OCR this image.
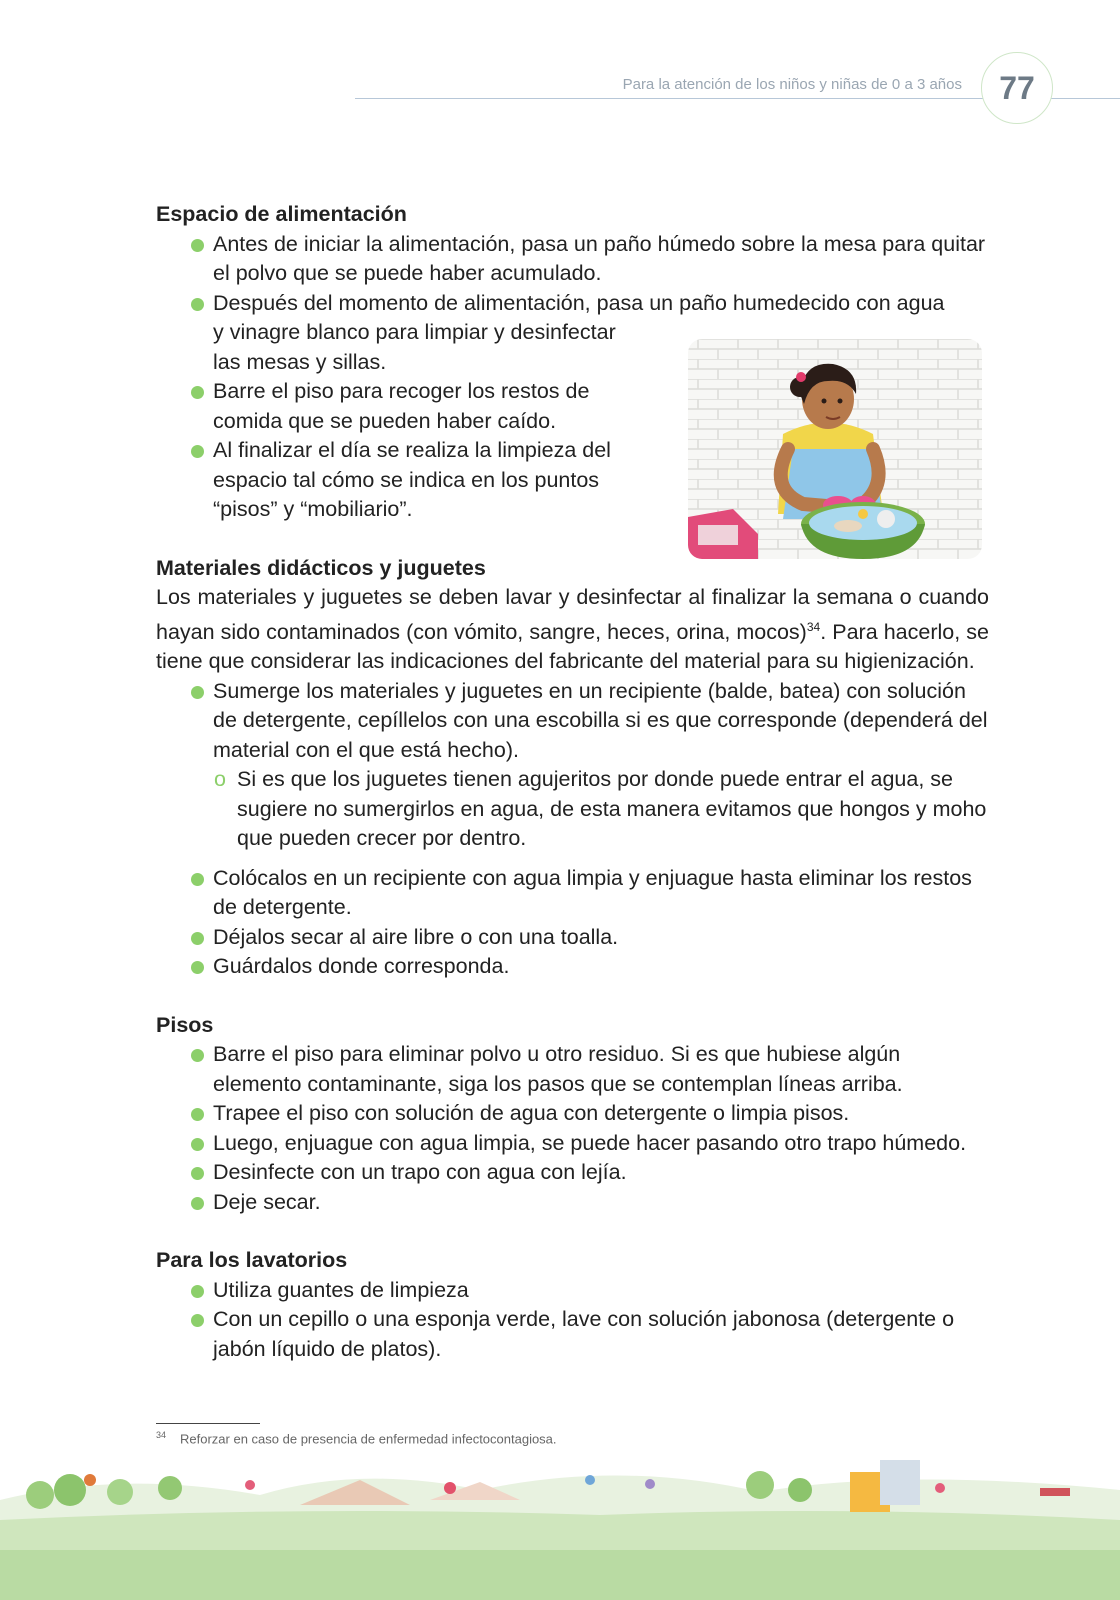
Para la atención de los niños y niñas de 0 a 3 años	77
Espacio de alimentación
Antes de iniciar la alimentación, pasa un paño húmedo sobre la mesa para quitar el polvo que se puede haber acumulado.
Después del momento de alimentación, pasa un paño humedecido con agua
y vinagre blanco para limpiar y desinfectar las mesas y sillas.
Barre el piso para recoger los restos de comida que se pueden haber caído.
Al finalizar el día se realiza la limpieza del espacio tal cómo se indica en los puntos “pisos” y “mobiliario”.
Materiales didácticos y juguetes

Los materiales y juguetes se deben lavar y desinfectar al finalizar la semana o cuando hayan sido contaminados (con vómito, sangre, heces, orina, mocos)$^{34}$. Para hacerlo, se tiene que considerar las indicaciones del fabricante del material para su higienización.

Sumerge los materiales y juguetes en un recipiente (balde, batea) con solución de detergente, cepíllelos con una escobilla si es que corresponde (dependerá del material con el que está hecho).
o Si es que los juguetes tienen agujeritos por donde puede entrar el agua, se sugiere no sumergirlos en agua, de esta manera evitamos que hongos y moho que pueden crecer por dentro.
Colócalos en un recipiente con agua limpia y enjuague hasta eliminar los restos de detergente.
Déjalos secar al aire libre o con una toalla.
Guárdalos donde corresponda.
Pisos
Barre el piso para eliminar polvo u otro residuo. Si es que hubiese algún elemento contaminante, siga los pasos que se contemplan líneas arriba.
Trapee el piso con solución de agua con detergente o limpia pisos.
Luego, enjuague con agua limpia, se puede hacer pasando otro trapo húmedo.
Desinfecte con un trapo con agua con lejía.
Deje secar.
Para los lavatorios
Utiliza guantes de limpieza
Con un cepillo o una esponja verde, lave con solución jabonosa (detergente o jabón líquido de platos).
$^{34}$ Reforzar en caso de presencia de enfermedad infectocontagiosa.
